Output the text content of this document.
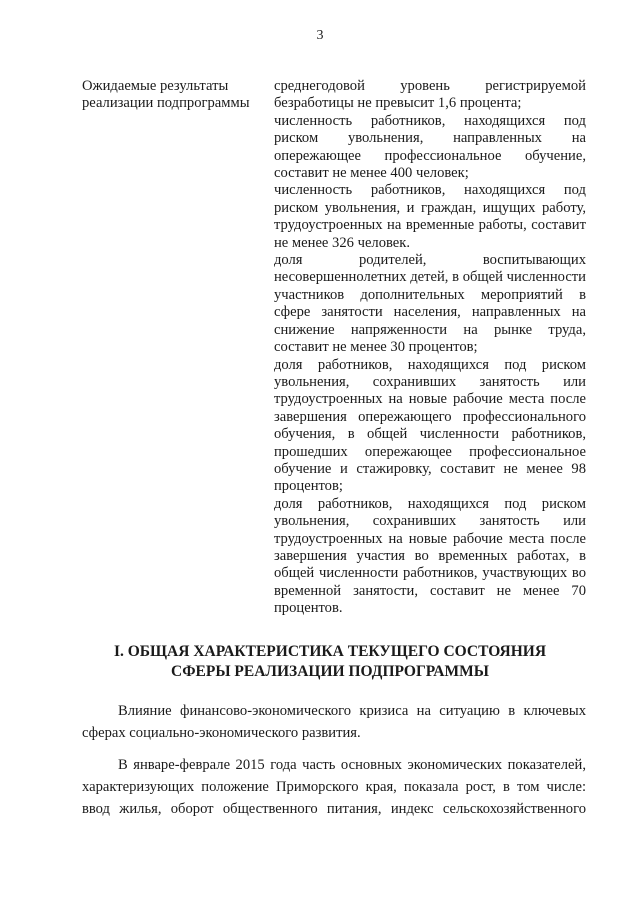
3
Ожидаемые результаты
реализации подпрограммы

среднегодовой уровень регистрируемой безработицы не превысит 1,6 процента;

численность работников, находящихся под риском увольнения, направленных на опережающее профессиональное обучение, составит не менее 400 человек;

численность работников, находящихся под риском увольнения, и граждан, ищущих работу, трудоустроенных на временные работы, составит не менее 326 человек.

доля родителей, воспитывающих несовершеннолетних детей, в общей численности участников дополнительных мероприятий в сфере занятости населения, направленных на снижение напряженности на рынке труда, составит не менее 30 процентов;

доля работников, находящихся под риском увольнения, сохранивших занятость или трудоустроенных на новые рабочие места после завершения опережающего профессионального обучения, в общей численности работников, прошедших опережающее профессиональное обучение и стажировку, составит не менее 98 процентов;

доля работников, находящихся под риском увольнения, сохранивших занятость или трудоустроенных на новые рабочие места после завершения участия во временных работах, в общей численности работников, участвующих во временной занятости, составит не менее 70 процентов.

I. ОБЩАЯ ХАРАКТЕРИСТИКА ТЕКУЩЕГО СОСТОЯНИЯ
СФЕРЫ РЕАЛИЗАЦИИ ПОДПРОГРАММЫ

Влияние финансово-экономического кризиса на ситуацию в ключевых сферах социально-экономического развития.

В январе-феврале 2015 года часть основных экономических показателей, характеризующих положение Приморского края, показала рост, в том числе: ввод жилья, оборот общественного питания, индекс сельскохозяйственного
